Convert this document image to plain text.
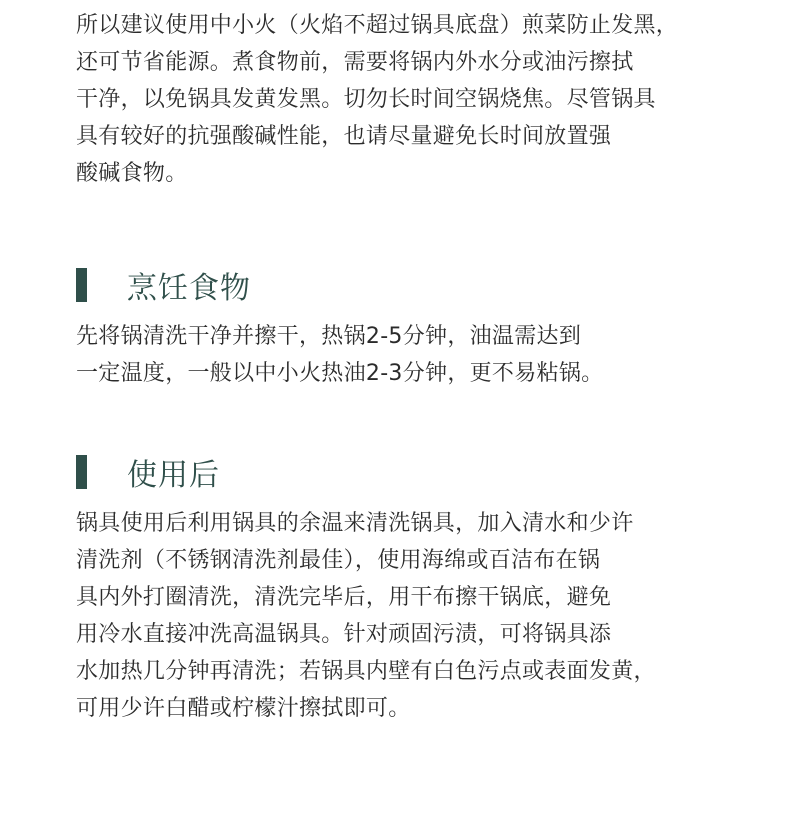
所以建议使用中小火（火焰不超过锅具底盘）煎菜防止发黑，
还可节省能源。煮食物前，需要将锅内外水分或油污擦拭
干净，以免锅具发黄发黑。切勿长时间空锅烧焦。尽管锅具
具有较好的抗强酸碱性能，也请尽量避免长时间放置强
酸碱食物。
烹饪食物
先将锅清洗干净并擦干，热锅2-5分钟，油温需达到
一定温度，一般以中小火热油2-3分钟，更不易粘锅。
使用后
锅具使用后利用锅具的余温来清洗锅具，加入清水和少许
清洗剂（不锈钢清洗剂最佳），使用海绵或百洁布在锅
具内外打圈清洗，清洗完毕后，用干布擦干锅底，避免
用冷水直接冲洗高温锅具。针对顽固污渍，可将锅具添
水加热几分钟再清洗；若锅具内壁有白色污点或表面发黄，
可用少许白醋或柠檬汁擦拭即可。
